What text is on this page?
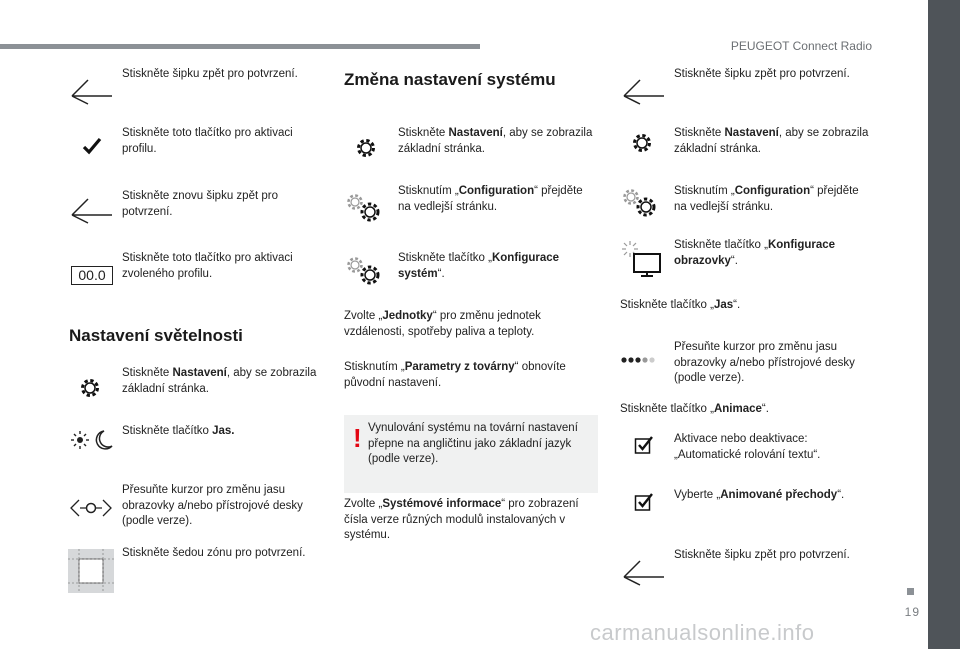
PEUGEOT Connect Radio
19
carmanualsonline.info
Stiskněte šipku zpět pro potvrzení.
Stiskněte toto tlačítko pro aktivaci profilu.
Stiskněte znovu šipku zpět pro potvrzení.
00.0
Stiskněte toto tlačítko pro aktivaci zvoleného profilu.
Nastavení světelnosti
Stiskněte Nastavení, aby se zobrazila základní stránka.
Stiskněte tlačítko Jas.
Přesuňte kurzor pro změnu jasu obrazovky a/nebo přístrojové desky (podle verze).
Stiskněte šedou zónu pro potvrzení.
Změna nastavení systému
Stiskněte Nastavení, aby se zobrazila základní stránka.
Stisknutím „Configuration“ přejděte na vedlejší stránku.
Stiskněte tlačítko „Konfigurace systém“.
Zvolte „Jednotky“ pro změnu jednotek vzdálenosti, spotřeby paliva a teploty.
Stisknutím „Parametry z továrny“ obnovíte původní nastavení.
! Vynulování systému na tovární nastavení přepne na angličtinu jako základní jazyk (podle verze).
Zvolte „Systémové informace“ pro zobrazení čísla verze různých modulů instalovaných v systému.
Stiskněte šipku zpět pro potvrzení.
Stiskněte Nastavení, aby se zobrazila základní stránka.
Stisknutím „Configuration“ přejděte na vedlejší stránku.
Stiskněte tlačítko „Konfigurace obrazovky“.
Stiskněte tlačítko „Jas“.
Přesuňte kurzor pro změnu jasu obrazovky a/nebo přístrojové desky (podle verze).
Stiskněte tlačítko „Animace“.
Aktivace nebo deaktivace: „Automatické rolování textu“.
Vyberte „Animované přechody“.
Stiskněte šipku zpět pro potvrzení.
